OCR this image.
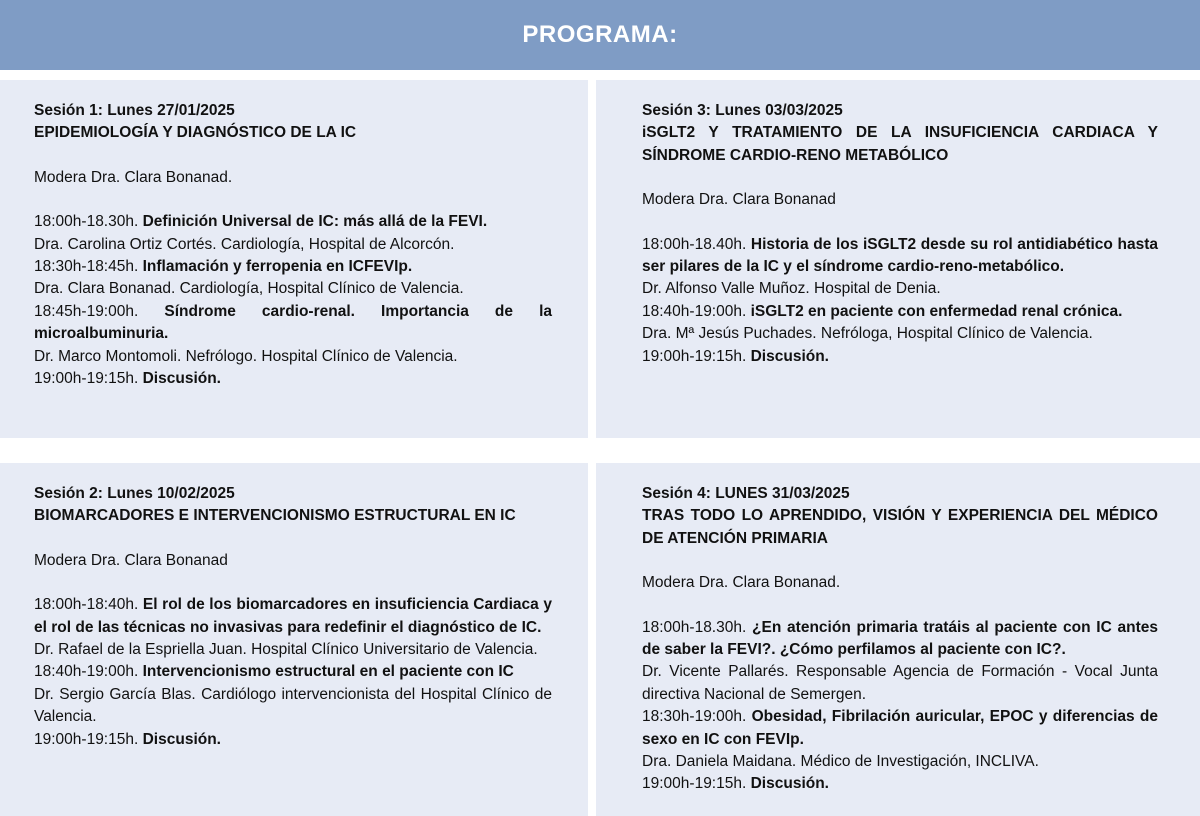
PROGRAMA:
Sesión 1: Lunes 27/01/2025
EPIDEMIOLOGÍA Y DIAGNÓSTICO DE LA IC
Modera Dra. Clara Bonanad.
18:00h-18.30h. Definición Universal de IC: más allá de la FEVI.
Dra. Carolina Ortiz Cortés. Cardiología, Hospital de Alcorcón.
18:30h-18:45h. Inflamación y ferropenia en ICFEVIp.
Dra. Clara Bonanad. Cardiología, Hospital Clínico de Valencia.
18:45h-19:00h. Síndrome cardio-renal. Importancia de la microalbuminuria.
Dr. Marco Montomoli. Nefrólogo. Hospital Clínico de Valencia.
19:00h-19:15h. Discusión.
Sesión 3: Lunes 03/03/2025
iSGLT2 Y TRATAMIENTO DE LA INSUFICIENCIA CARDIACA Y SÍNDROME CARDIO-RENO METABÓLICO
Modera Dra. Clara Bonanad
18:00h-18.40h. Historia de los iSGLT2 desde su rol antidiabético hasta ser pilares de la IC y el síndrome cardio-reno-metabólico.
Dr. Alfonso Valle Muñoz. Hospital de Denia.
18:40h-19:00h. iSGLT2 en paciente con enfermedad renal crónica.
Dra. Mª Jesús Puchades. Nefróloga, Hospital Clínico de Valencia.
19:00h-19:15h. Discusión.
Sesión 2: Lunes 10/02/2025
BIOMARCADORES E INTERVENCIONISMO ESTRUCTURAL EN IC
Modera Dra. Clara Bonanad
18:00h-18:40h. El rol de los biomarcadores en insuficiencia Cardiaca y el rol de las técnicas no invasivas para redefinir el diagnóstico de IC.
Dr. Rafael de la Espriella Juan. Hospital Clínico Universitario de Valencia.
18:40h-19:00h. Intervencionismo estructural en el paciente con IC
Dr. Sergio García Blas. Cardiólogo intervencionista del Hospital Clínico de Valencia.
19:00h-19:15h. Discusión.
Sesión 4: LUNES 31/03/2025
TRAS TODO LO APRENDIDO, VISIÓN Y EXPERIENCIA DEL MÉDICO DE ATENCIÓN PRIMARIA
Modera Dra. Clara Bonanad.
18:00h-18.30h. ¿En atención primaria tratáis al paciente con IC antes de saber la FEVI?. ¿Cómo perfilamos al paciente con IC?.
Dr. Vicente Pallarés. Responsable Agencia de Formación - Vocal Junta directiva Nacional de Semergen.
18:30h-19:00h. Obesidad, Fibrilación auricular, EPOC y diferencias de sexo en IC con FEVIp.
Dra. Daniela Maidana. Médico de Investigación, INCLIVA.
19:00h-19:15h. Discusión.
